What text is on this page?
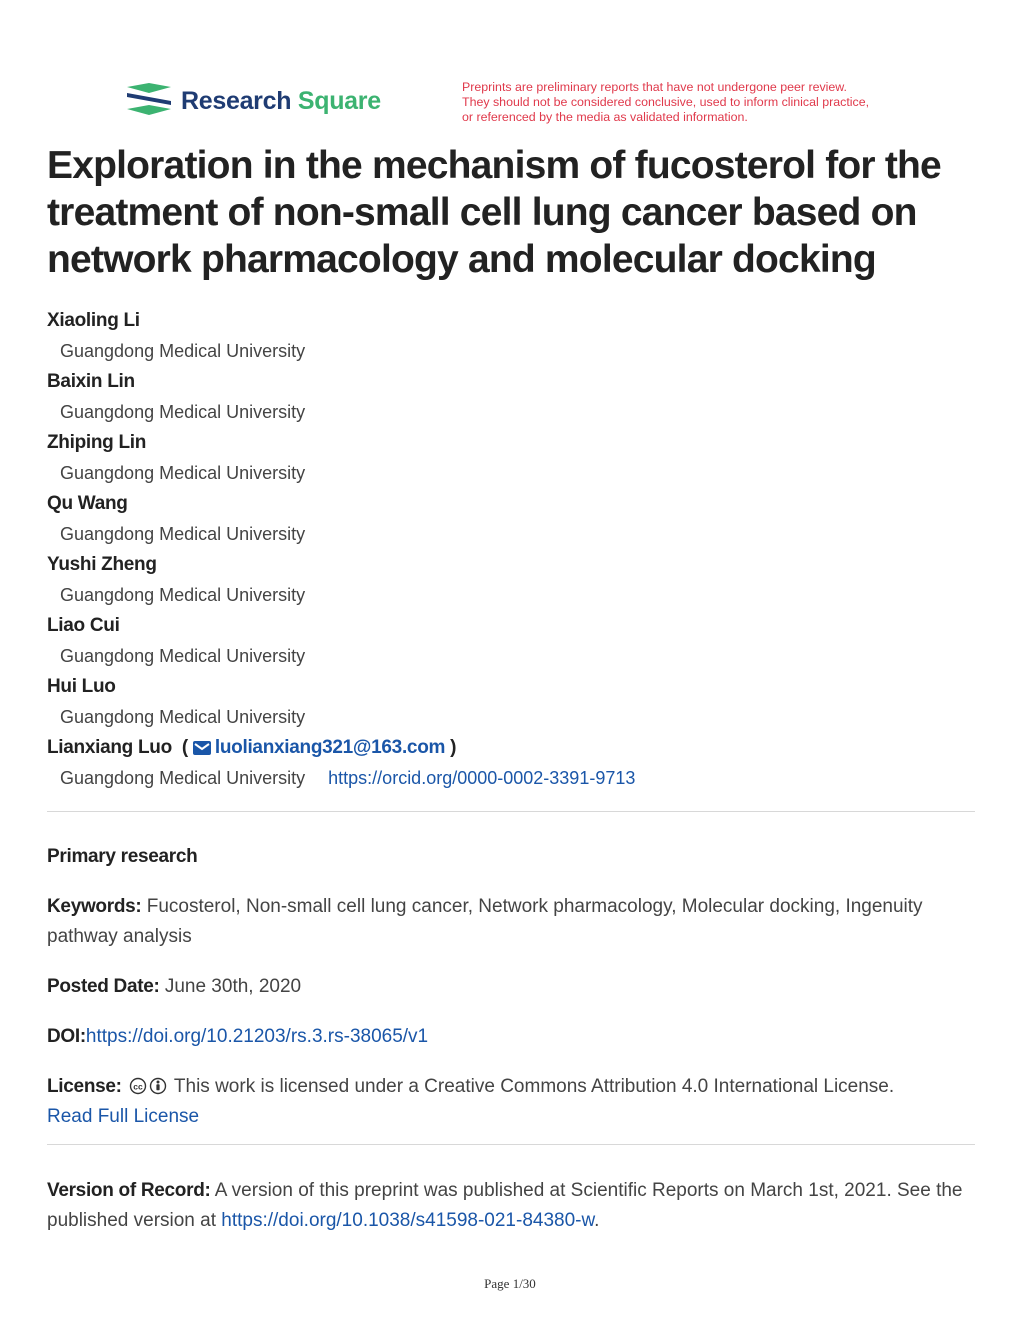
Research Square	Preprints are preliminary reports that have not undergone peer review.
They should not be considered conclusive, used to inform clinical practice,
or referenced by the media as validated information.
Exploration in the mechanism of fucosterol for the treatment of non-small cell lung cancer based on network pharmacology and molecular docking
Xiaoling Li
Guangdong Medical University
Baixin Lin
Guangdong Medical University
Zhiping Lin
Guangdong Medical University
Qu Wang
Guangdong Medical University
Yushi Zheng
Guangdong Medical University
Liao Cui
Guangdong Medical University
Hui Luo
Guangdong Medical University
Lianxiang Luo  ( luolianxiang321@163.com )
Guangdong Medical University https://orcid.org/0000-0002-3391-9713
Primary research
Keywords: Fucosterol, Non-small cell lung cancer, Network pharmacology, Molecular docking, Ingenuity pathway analysis
Posted Date: June 30th, 2020
DOI:https://doi.org/10.21203/rs.3.rs-38065/v1
License: cc This work is licensed under a Creative Commons Attribution 4.0 International License.
Read Full License
Version of Record: A version of this preprint was published at Scientific Reports on March 1st, 2021. See the published version at https://doi.org/10.1038/s41598-021-84380-w.
Page 1/30
